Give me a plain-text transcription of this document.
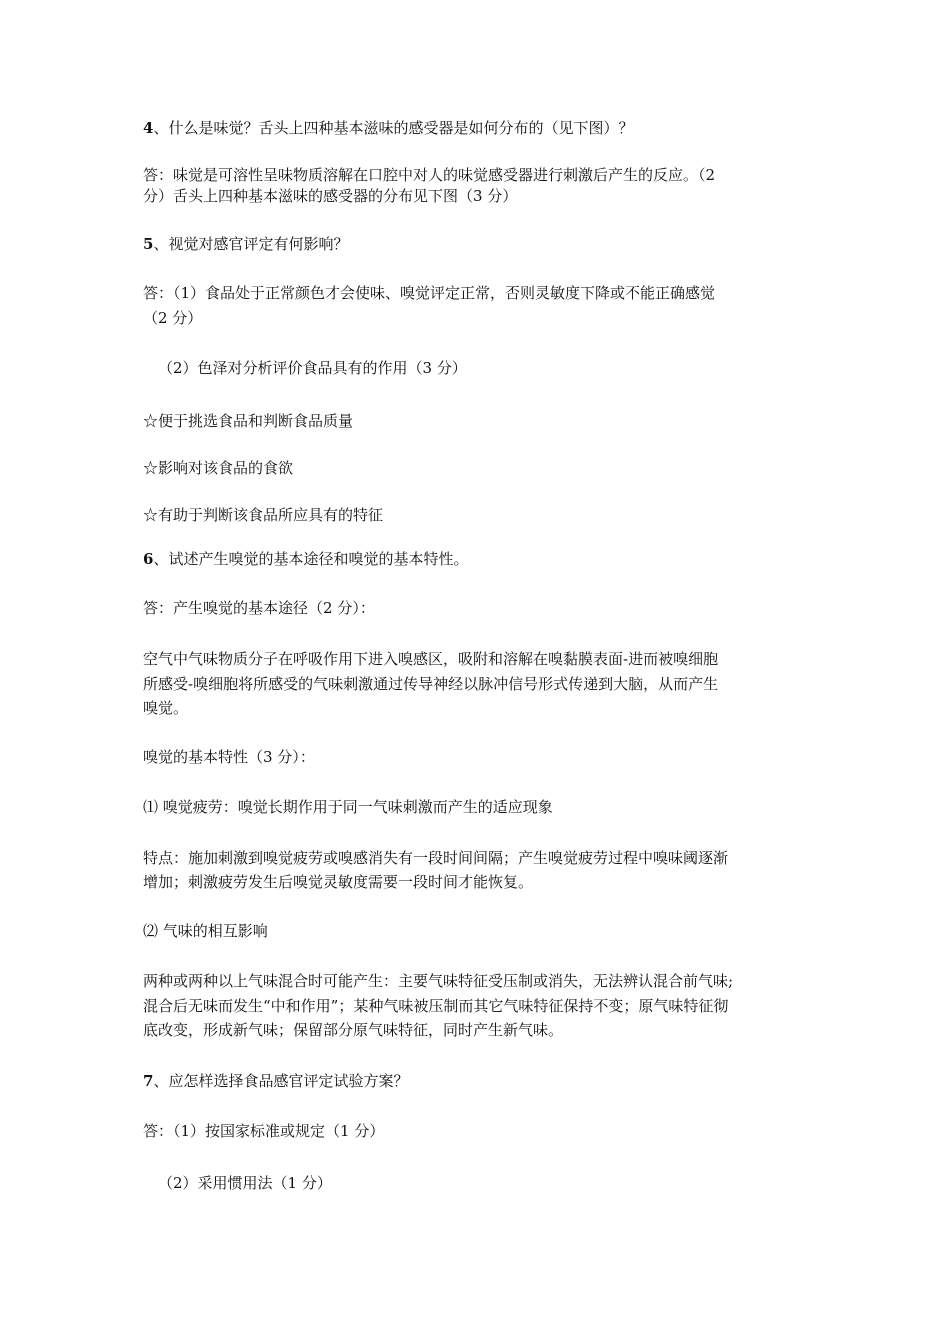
4、什么是味觉？舌头上四种基本滋味的感受器是如何分布的（见下图）？
答：味觉是可溶性呈味物质溶解在口腔中对人的味觉感受器进行刺激后产生的反应。（2
分）舌头上四种基本滋味的感受器的分布见下图（3 分）
5、视觉对感官评定有何影响？
答：（1）食品处于正常颜色才会使味、嗅觉评定正常，否则灵敏度下降或不能正确感觉
（2 分）
（2）色泽对分析评价食品具有的作用（3 分）
☆便于挑选食品和判断食品质量
☆影响对该食品的食欲
☆有助于判断该食品所应具有的特征
6、试述产生嗅觉的基本途径和嗅觉的基本特性。
答：产生嗅觉的基本途径（2 分）：
空气中气味物质分子在呼吸作用下进入嗅感区，吸附和溶解在嗅黏膜表面-进而被嗅细胞
所感受-嗅细胞将所感受的气味刺激通过传导神经以脉冲信号形式传递到大脑，从而产生
嗅觉。
嗅觉的基本特性（3 分）：
⑴ 嗅觉疲劳：嗅觉长期作用于同一气味刺激而产生的适应现象
特点：施加刺激到嗅觉疲劳或嗅感消失有一段时间间隔；产生嗅觉疲劳过程中嗅味阈逐渐
增加；刺激疲劳发生后嗅觉灵敏度需要一段时间才能恢复。
⑵ 气味的相互影响
两种或两种以上气味混合时可能产生：主要气味特征受压制或消失，无法辨认混合前气味;
混合后无味而发生“中和作用”；某种气味被压制而其它气味特征保持不变；原气味特征彻
底改变，形成新气味；保留部分原气味特征，同时产生新气味。
7、应怎样选择食品感官评定试验方案？
答：（1）按国家标准或规定（1 分）
（2）采用惯用法（1 分）
